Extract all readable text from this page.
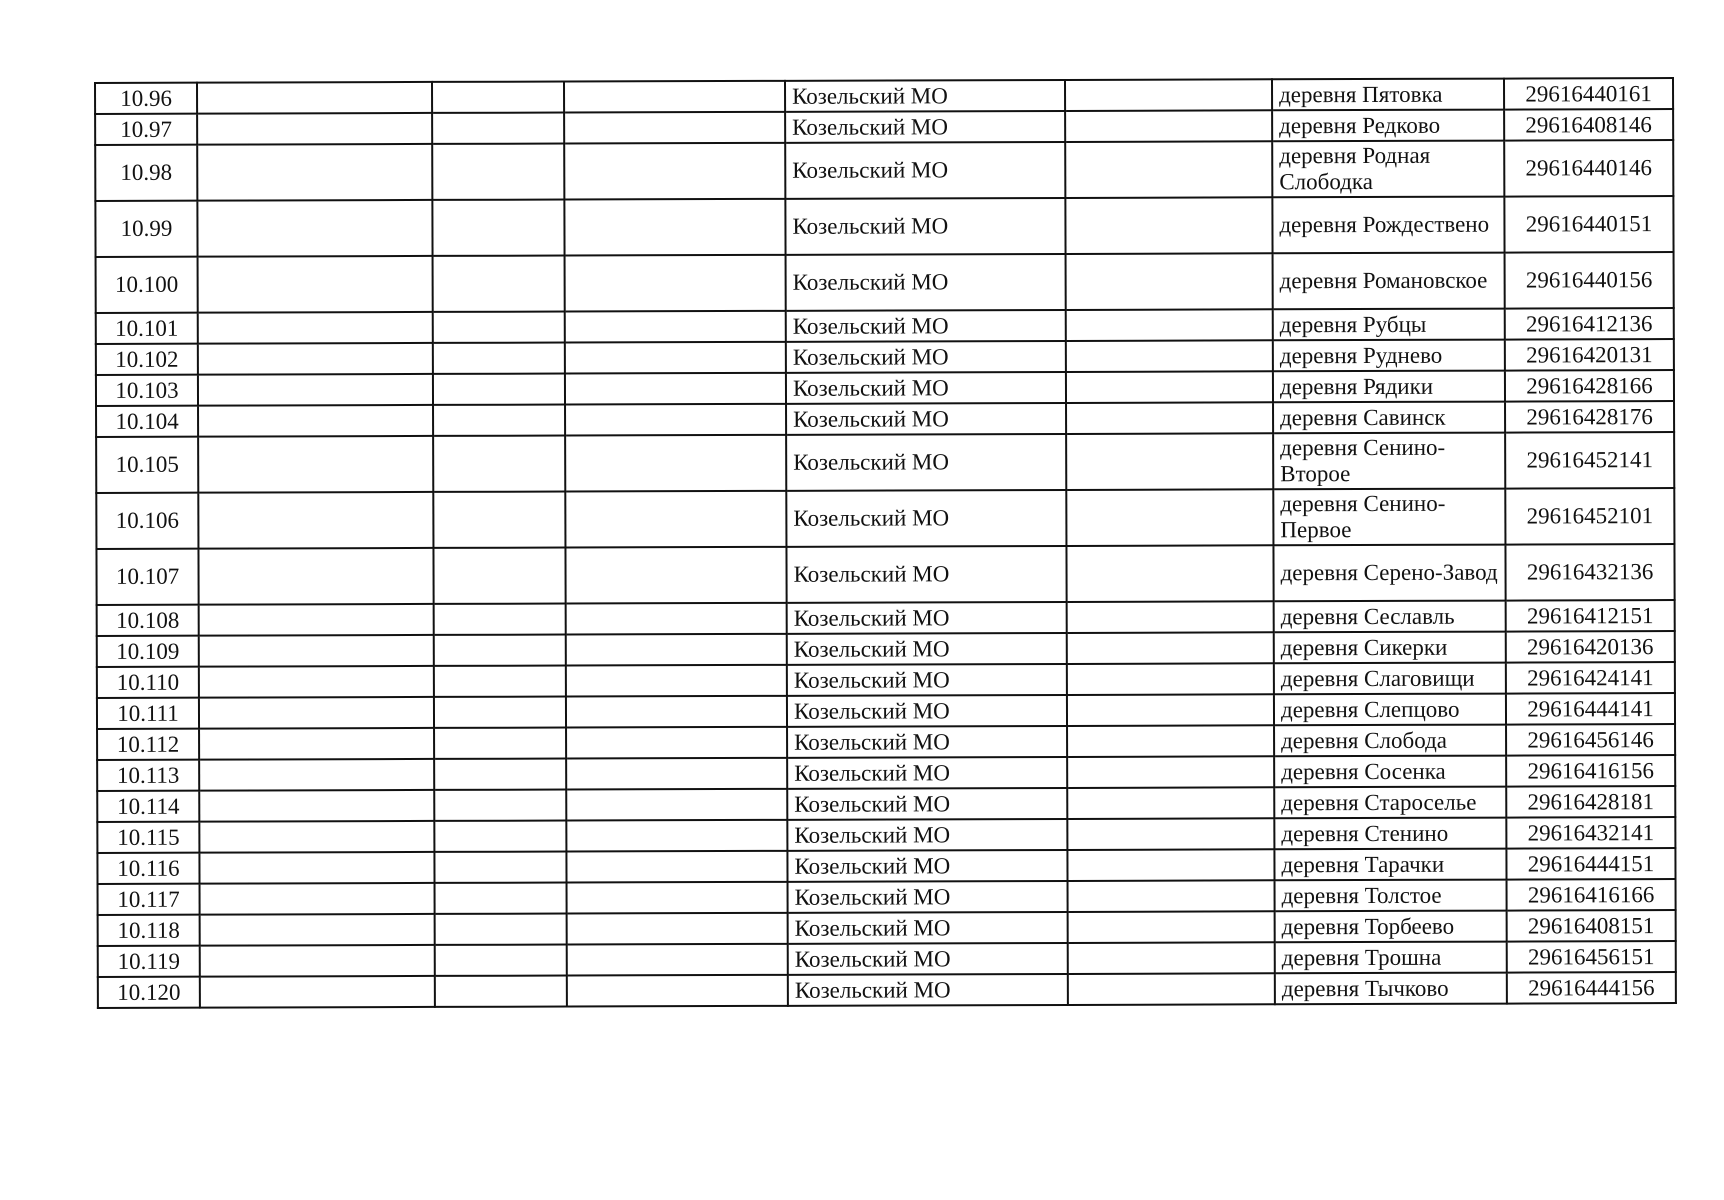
10.96				Козельский МО		деревня Пятовка	29616440161
10.97				Козельский МО		деревня Редково	29616408146
10.98				Козельский МО		деревня Родная Слободка	29616440146
10.99				Козельский МО		деревня Рождествено	29616440151
10.100				Козельский МО		деревня Романовское	29616440156
10.101				Козельский МО		деревня Рубцы	29616412136
10.102				Козельский МО		деревня Руднево	29616420131
10.103				Козельский МО		деревня Рядики	29616428166
10.104				Козельский МО		деревня Савинск	29616428176
10.105				Козельский МО		деревня Сенино-Второе	29616452141
10.106				Козельский МО		деревня Сенино-Первое	29616452101
10.107				Козельский МО		деревня Серено-Завод	29616432136
10.108				Козельский МО		деревня Сеславль	29616412151
10.109				Козельский МО		деревня Сикерки	29616420136
10.110				Козельский МО		деревня Слаговищи	29616424141
10.111				Козельский МО		деревня Слепцово	29616444141
10.112				Козельский МО		деревня Слобода	29616456146
10.113				Козельский МО		деревня Сосенка	29616416156
10.114				Козельский МО		деревня Староселье	29616428181
10.115				Козельский МО		деревня Стенино	29616432141
10.116				Козельский МО		деревня Тарачки	29616444151
10.117				Козельский МО		деревня Толстое	29616416166
10.118				Козельский МО		деревня Торбеево	29616408151
10.119				Козельский МО		деревня Трошна	29616456151
10.120				Козельский МО		деревня Тычково	29616444156
